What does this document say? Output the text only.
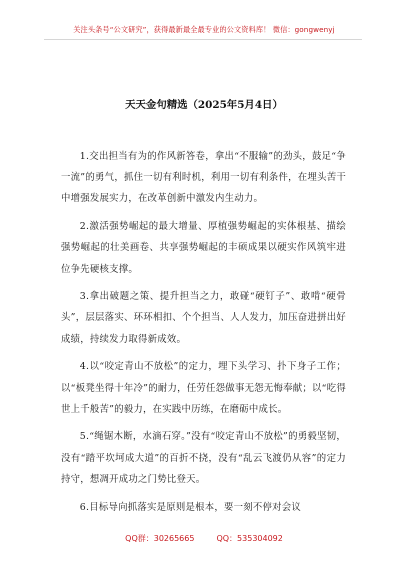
关注头条号“公文研究”，获得最新最全最专业的公文资料库！ 微信：gongwenyj
天天金句精选（2025年5月4日）

1.交出担当有为的作风新答卷，拿出“不服输”的劲头，鼓足“争一流”的勇气，抓住一切有利时机，利用一切有利条件，在埋头苦干中增强发展实力，在改革创新中激发内生动力。

2.激活强势崛起的最大增量、厚植强势崛起的实体根基、描绘强势崛起的壮美画卷、共享强势崛起的丰硕成果以硬实作风筑牢进位争先硬核支撑。

3.拿出破题之策、提升担当之力，敢碰“硬钉子”、敢啃“硬骨头”，层层落实、环环相扣、个个担当、人人发力，加压奋进拼出好成绩，持续发力取得新成效。

4.以“咬定青山不放松”的定力，埋下头学习、扑下身子工作；以“板凳坐得十年冷”的耐力，任劳任怨做事无怨无悔奉献；以“吃得世上千般苦”的毅力，在实践中历练，在磨砺中成长。

5.“绳锯木断，水滴石穿。”没有“咬定青山不放松”的勇毅坚韧，没有“踏平坎坷成大道”的百折不挠，没有“乱云飞渡仍从容”的定力持守，想凋开成功之门势比登天。

6.目标导向抓落实是原则是根本，要一刻不停对会议

QQ群：30265665	QQ：535304092
